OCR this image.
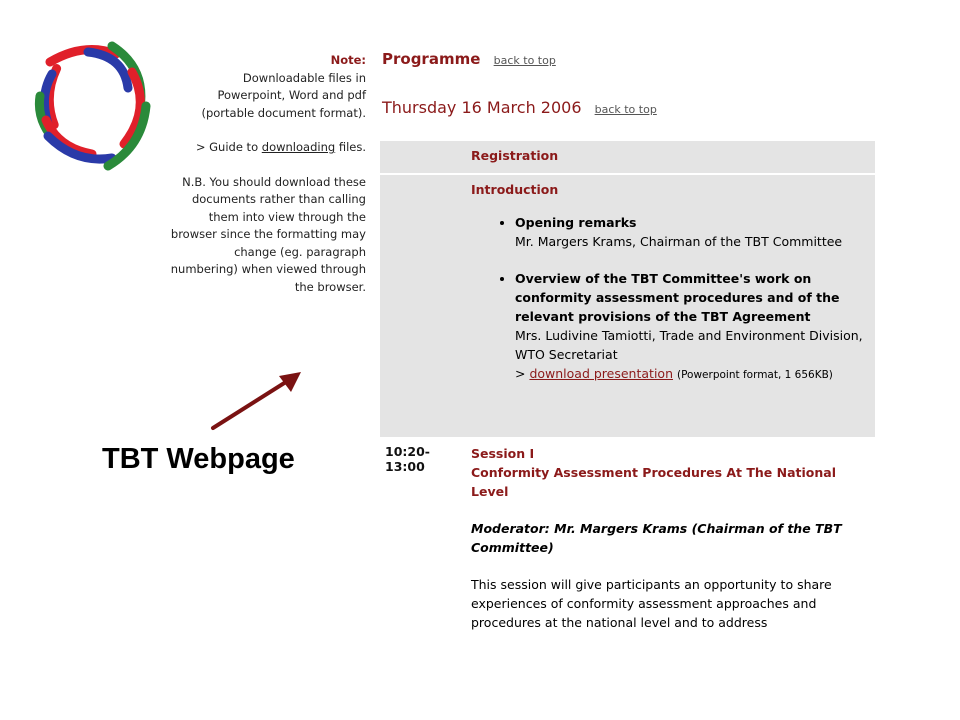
Note:
Downloadable files in
Powerpoint, Word and pdf
(portable document format).

> Guide to downloading files.

N.B. You should download these documents rather than calling them into view through the browser since the formatting may change (eg. paragraph numbering) when viewed through the browser.

Programme back to top
Thursday 16 March 2006 back to top
Registration
Introduction
• Opening remarks
Mr. Margers Krams, Chairman of the TBT Committee
• Overview of the TBT Committee's work on conformity assessment procedures and of the relevant provisions of the TBT Agreement
Mrs. Ludivine Tamiotti, Trade and Environment Division, WTO Secretariat
> download presentation (Powerpoint format, 1 656KB)
10:20-13:00
Session I
Conformity Assessment Procedures At The National Level
Moderator: Mr. Margers Krams (Chairman of the TBT Committee)
This session will give participants an opportunity to share experiences of conformity assessment approaches and procedures at the national level and to address
TBT Webpage
